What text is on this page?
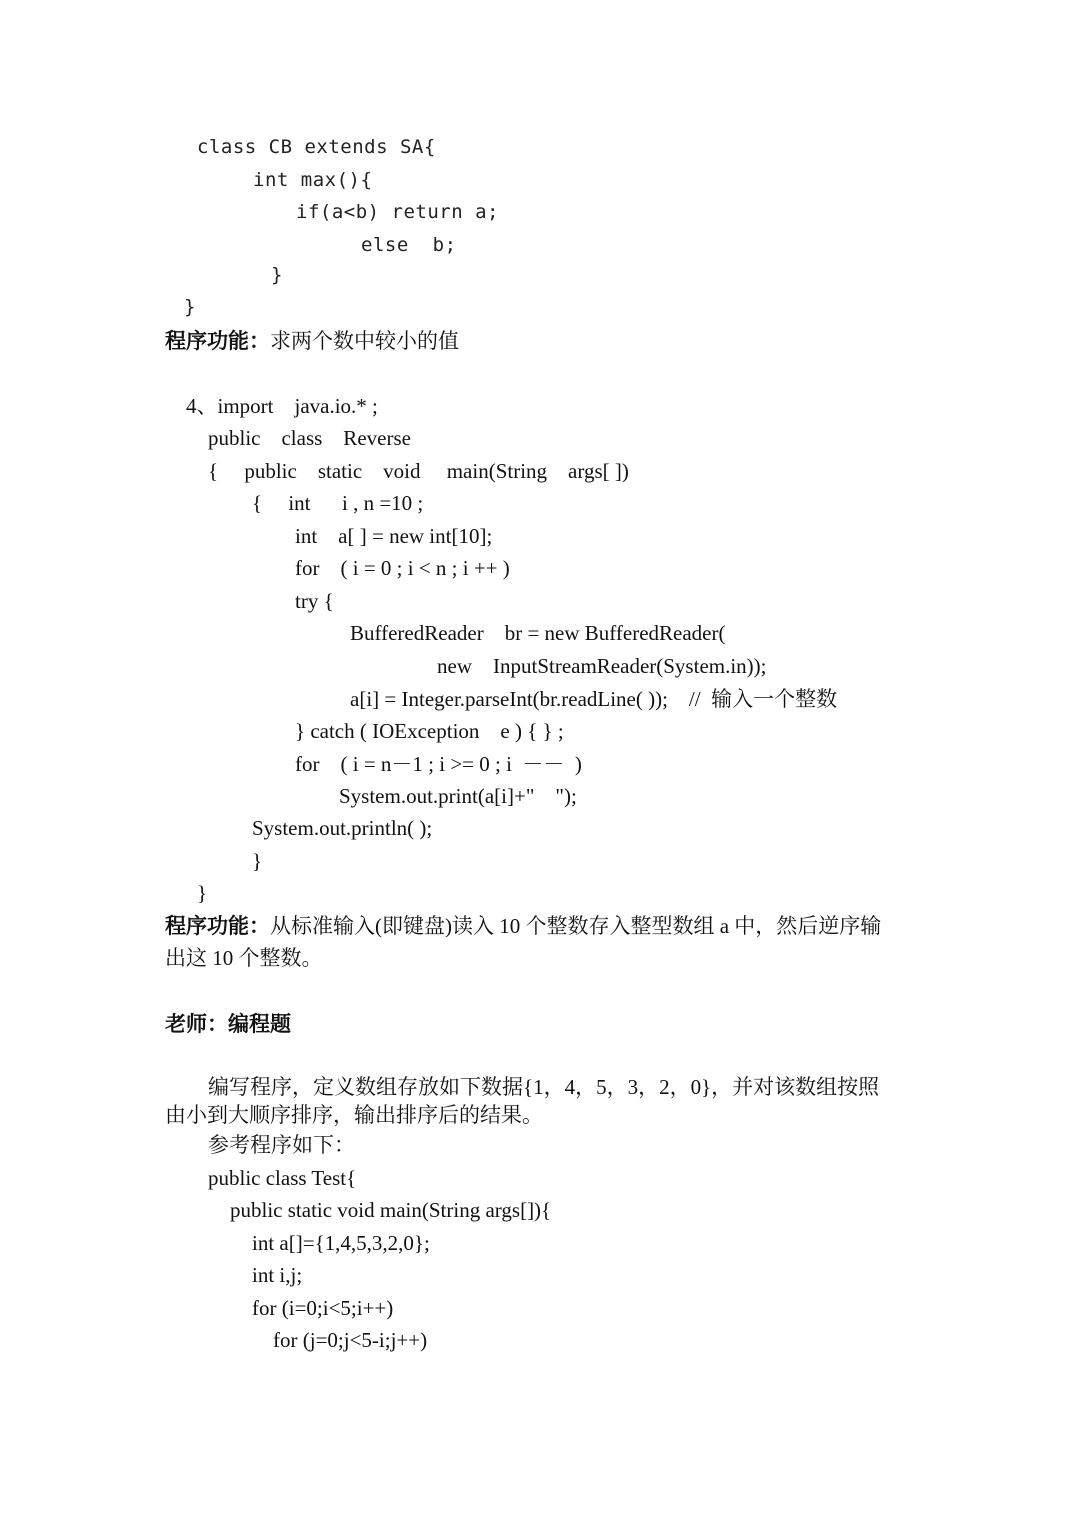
class CB extends SA{
int max(){
if(a<b) return a;
else  b;
}
}
程序功能：求两个数中较小的值
4、import    java.io.* ;
public    class    Reverse
{     public    static    void     main(String    args[ ])
{     int      i , n =10 ;
int    a[ ] = new int[10];
for    ( i = 0 ; i < n ; i ++ )
try {
BufferedReader    br = new BufferedReader(
new    InputStreamReader(System.in));
a[i] = Integer.parseInt(br.readLine( ));    //  输入一个整数
} catch ( IOException    e ) { } ;
for    ( i = n－1 ; i >= 0 ; i  －－  )
System.out.print(a[i]+"    ");
System.out.println( );
}
}
程序功能：从标准输入(即键盘)读入 10 个整数存入整型数组 a 中，然后逆序输
出这 10 个整数。
老师：编程题
编写程序，定义数组存放如下数据{1，4，5，3，2，0}，并对该数组按照
由小到大顺序排序，输出排序后的结果。
参考程序如下：
public class Test{
public static void main(String args[]){
int a[]={1,4,5,3,2,0};
int i,j;
for (i=0;i<5;i++)
for (j=0;j<5-i;j++)
